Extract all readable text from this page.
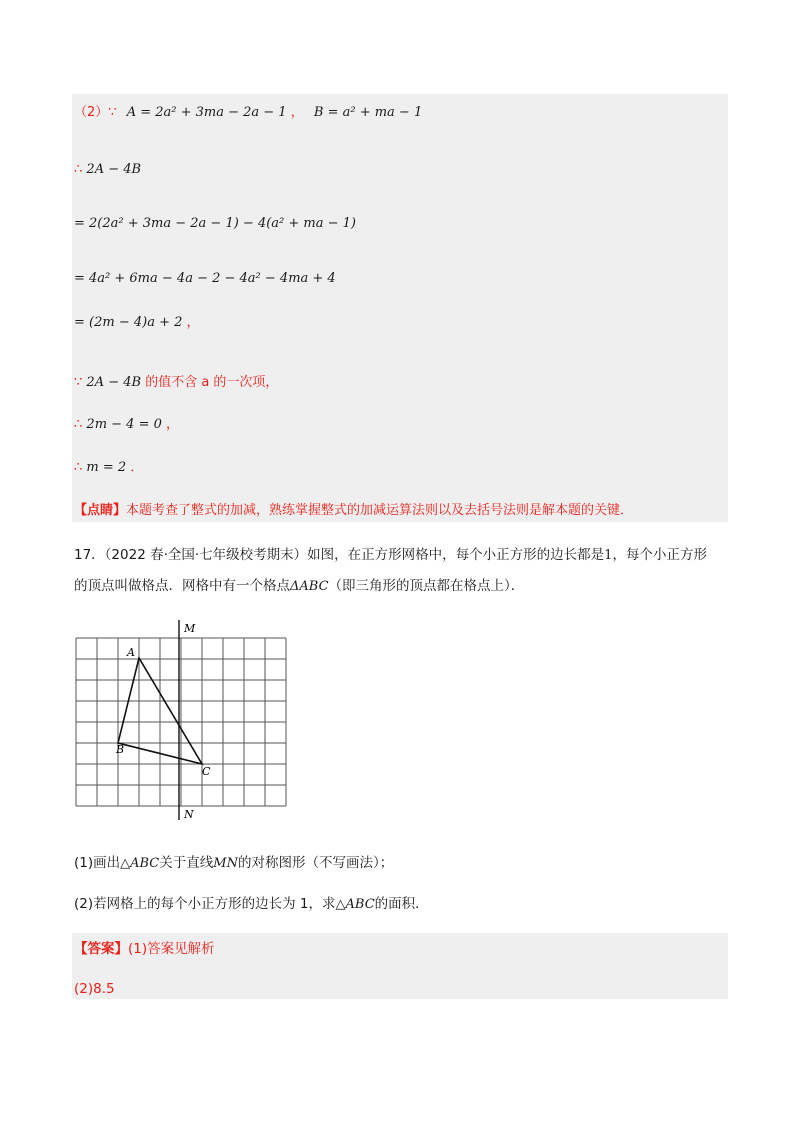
（2）∵ A = 2a² + 3ma − 2a − 1 ， B = a² + ma − 1
∴ 2A − 4B
= 2(2a² + 3ma − 2a − 1) − 4(a² + ma − 1)
= 4a² + 6ma − 4a − 2 − 4a² − 4ma + 4
= (2m − 4)a + 2 ，
∵ 2A − 4B 的值不含 a 的一次项，
∴ 2m − 4 = 0 ，
∴ m = 2 ．
【点睛】本题考查了整式的加减，熟练掌握整式的加减运算法则以及去括号法则是解本题的关键．
17．（2022 春·全国·七年级校考期末）如图，在正方形网格中，每个小正方形的边长都是1，每个小正方形
的顶点叫做格点．网格中有一个格点ΔABC（即三角形的顶点都在格点上）．
M
N
A
B
C
(1)画出△ABC关于直线MN的对称图形（不写画法）；
(2)若网格上的每个小正方形的边长为 1，求△ABC的面积．
【答案】(1)答案见解析
(2)8.5
